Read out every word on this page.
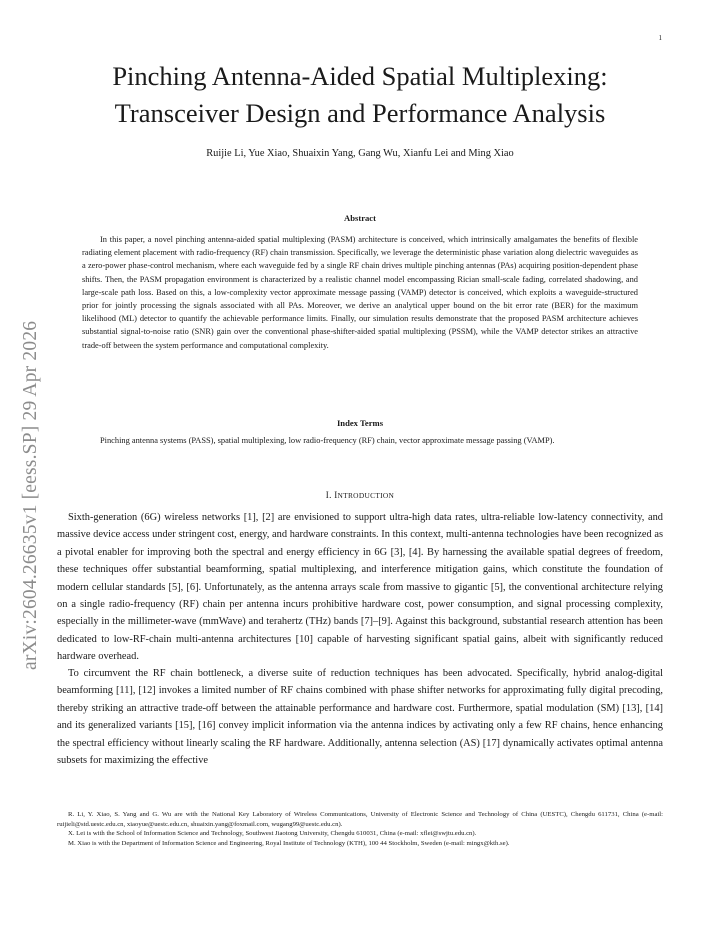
1
arXiv:2604.26635v1 [eess.SP] 29 Apr 2026
Pinching Antenna-Aided Spatial Multiplexing:
Transceiver Design and Performance Analysis
Ruijie Li, Yue Xiao, Shuaixin Yang, Gang Wu, Xianfu Lei and Ming Xiao
Abstract

In this paper, a novel pinching antenna-aided spatial multiplexing (PASM) architecture is conceived, which intrinsically amalgamates the benefits of flexible radiating element placement with radio-frequency (RF) chain transmission. Specifically, we leverage the deterministic phase variation along dielectric waveguides as a zero-power phase-control mechanism, where each waveguide fed by a single RF chain drives multiple pinching antennas (PAs) acquiring position-dependent phase shifts. Then, the PASM propagation environment is characterized by a realistic channel model encompassing Rician small-scale fading, correlated shadowing, and large-scale path loss. Based on this, a low-complexity vector approximate message passing (VAMP) detector is conceived, which exploits a waveguide-structured prior for jointly processing the signals associated with all PAs. Moreover, we derive an analytical upper bound on the bit error rate (BER) for the maximum likelihood (ML) detector to quantify the achievable performance limits. Finally, our simulation results demonstrate that the proposed PASM architecture achieves substantial signal-to-noise ratio (SNR) gain over the conventional phase-shifter-aided spatial multiplexing (PSSM), while the VAMP detector strikes an attractive trade-off between the system performance and computational complexity.

Index Terms

Pinching antenna systems (PASS), spatial multiplexing, low radio-frequency (RF) chain, vector approximate message passing (VAMP).

I. INTRODUCTION

Sixth-generation (6G) wireless networks [1], [2] are envisioned to support ultra-high data rates, ultra-reliable low-latency connectivity, and massive device access under stringent cost, energy, and hardware constraints. In this context, multi-antenna technologies have been recognized as a pivotal enabler for improving both the spectral and energy efficiency in 6G [3], [4]. By harnessing the available spatial degrees of freedom, these techniques offer substantial beamforming, spatial multiplexing, and interference mitigation gains, which constitute the foundation of modern cellular standards [5], [6]. Unfortunately, as the antenna arrays scale from massive to gigantic [5], the conventional architecture relying on a single radio-frequency (RF) chain per antenna incurs prohibitive hardware cost, power consumption, and signal processing complexity, especially in the millimeter-wave (mmWave) and terahertz (THz) bands [7]–[9]. Against this background, substantial research attention has been dedicated to low-RF-chain multi-antenna architectures [10] capable of harvesting significant spatial gains, albeit with significantly reduced hardware overhead.

To circumvent the RF chain bottleneck, a diverse suite of reduction techniques has been advocated. Specifically, hybrid analog-digital beamforming [11], [12] invokes a limited number of RF chains combined with phase shifter networks for approximating fully digital precoding, thereby striking an attractive trade-off between the attainable performance and hardware cost. Furthermore, spatial modulation (SM) [13], [14] and its generalized variants [15], [16] convey implicit information via the antenna indices by activating only a few RF chains, hence enhancing the spectral efficiency without linearly scaling the RF hardware. Additionally, antenna selection (AS) [17] dynamically activates optimal antenna subsets for maximizing the effective

R. Li, Y. Xiao, S. Yang and G. Wu are with the National Key Laboratory of Wireless Communications, University of Electronic Science and Technology of China (UESTC), Chengdu 611731, China (e-mail: ruijieli@std.uestc.edu.cn, xiaoyue@uestc.edu.cn, shuaixin.yang@foxmail.com, wugang99@uestc.edu.cn).

X. Lei is with the School of Information Science and Technology, Southwest Jiaotong University, Chengdu 610031, China (e-mail: xflei@swjtu.edu.cn).

M. Xiao is with the Department of Information Science and Engineering, Royal Institute of Technology (KTH), 100 44 Stockholm, Sweden (e-mail: mingx@kth.se).
